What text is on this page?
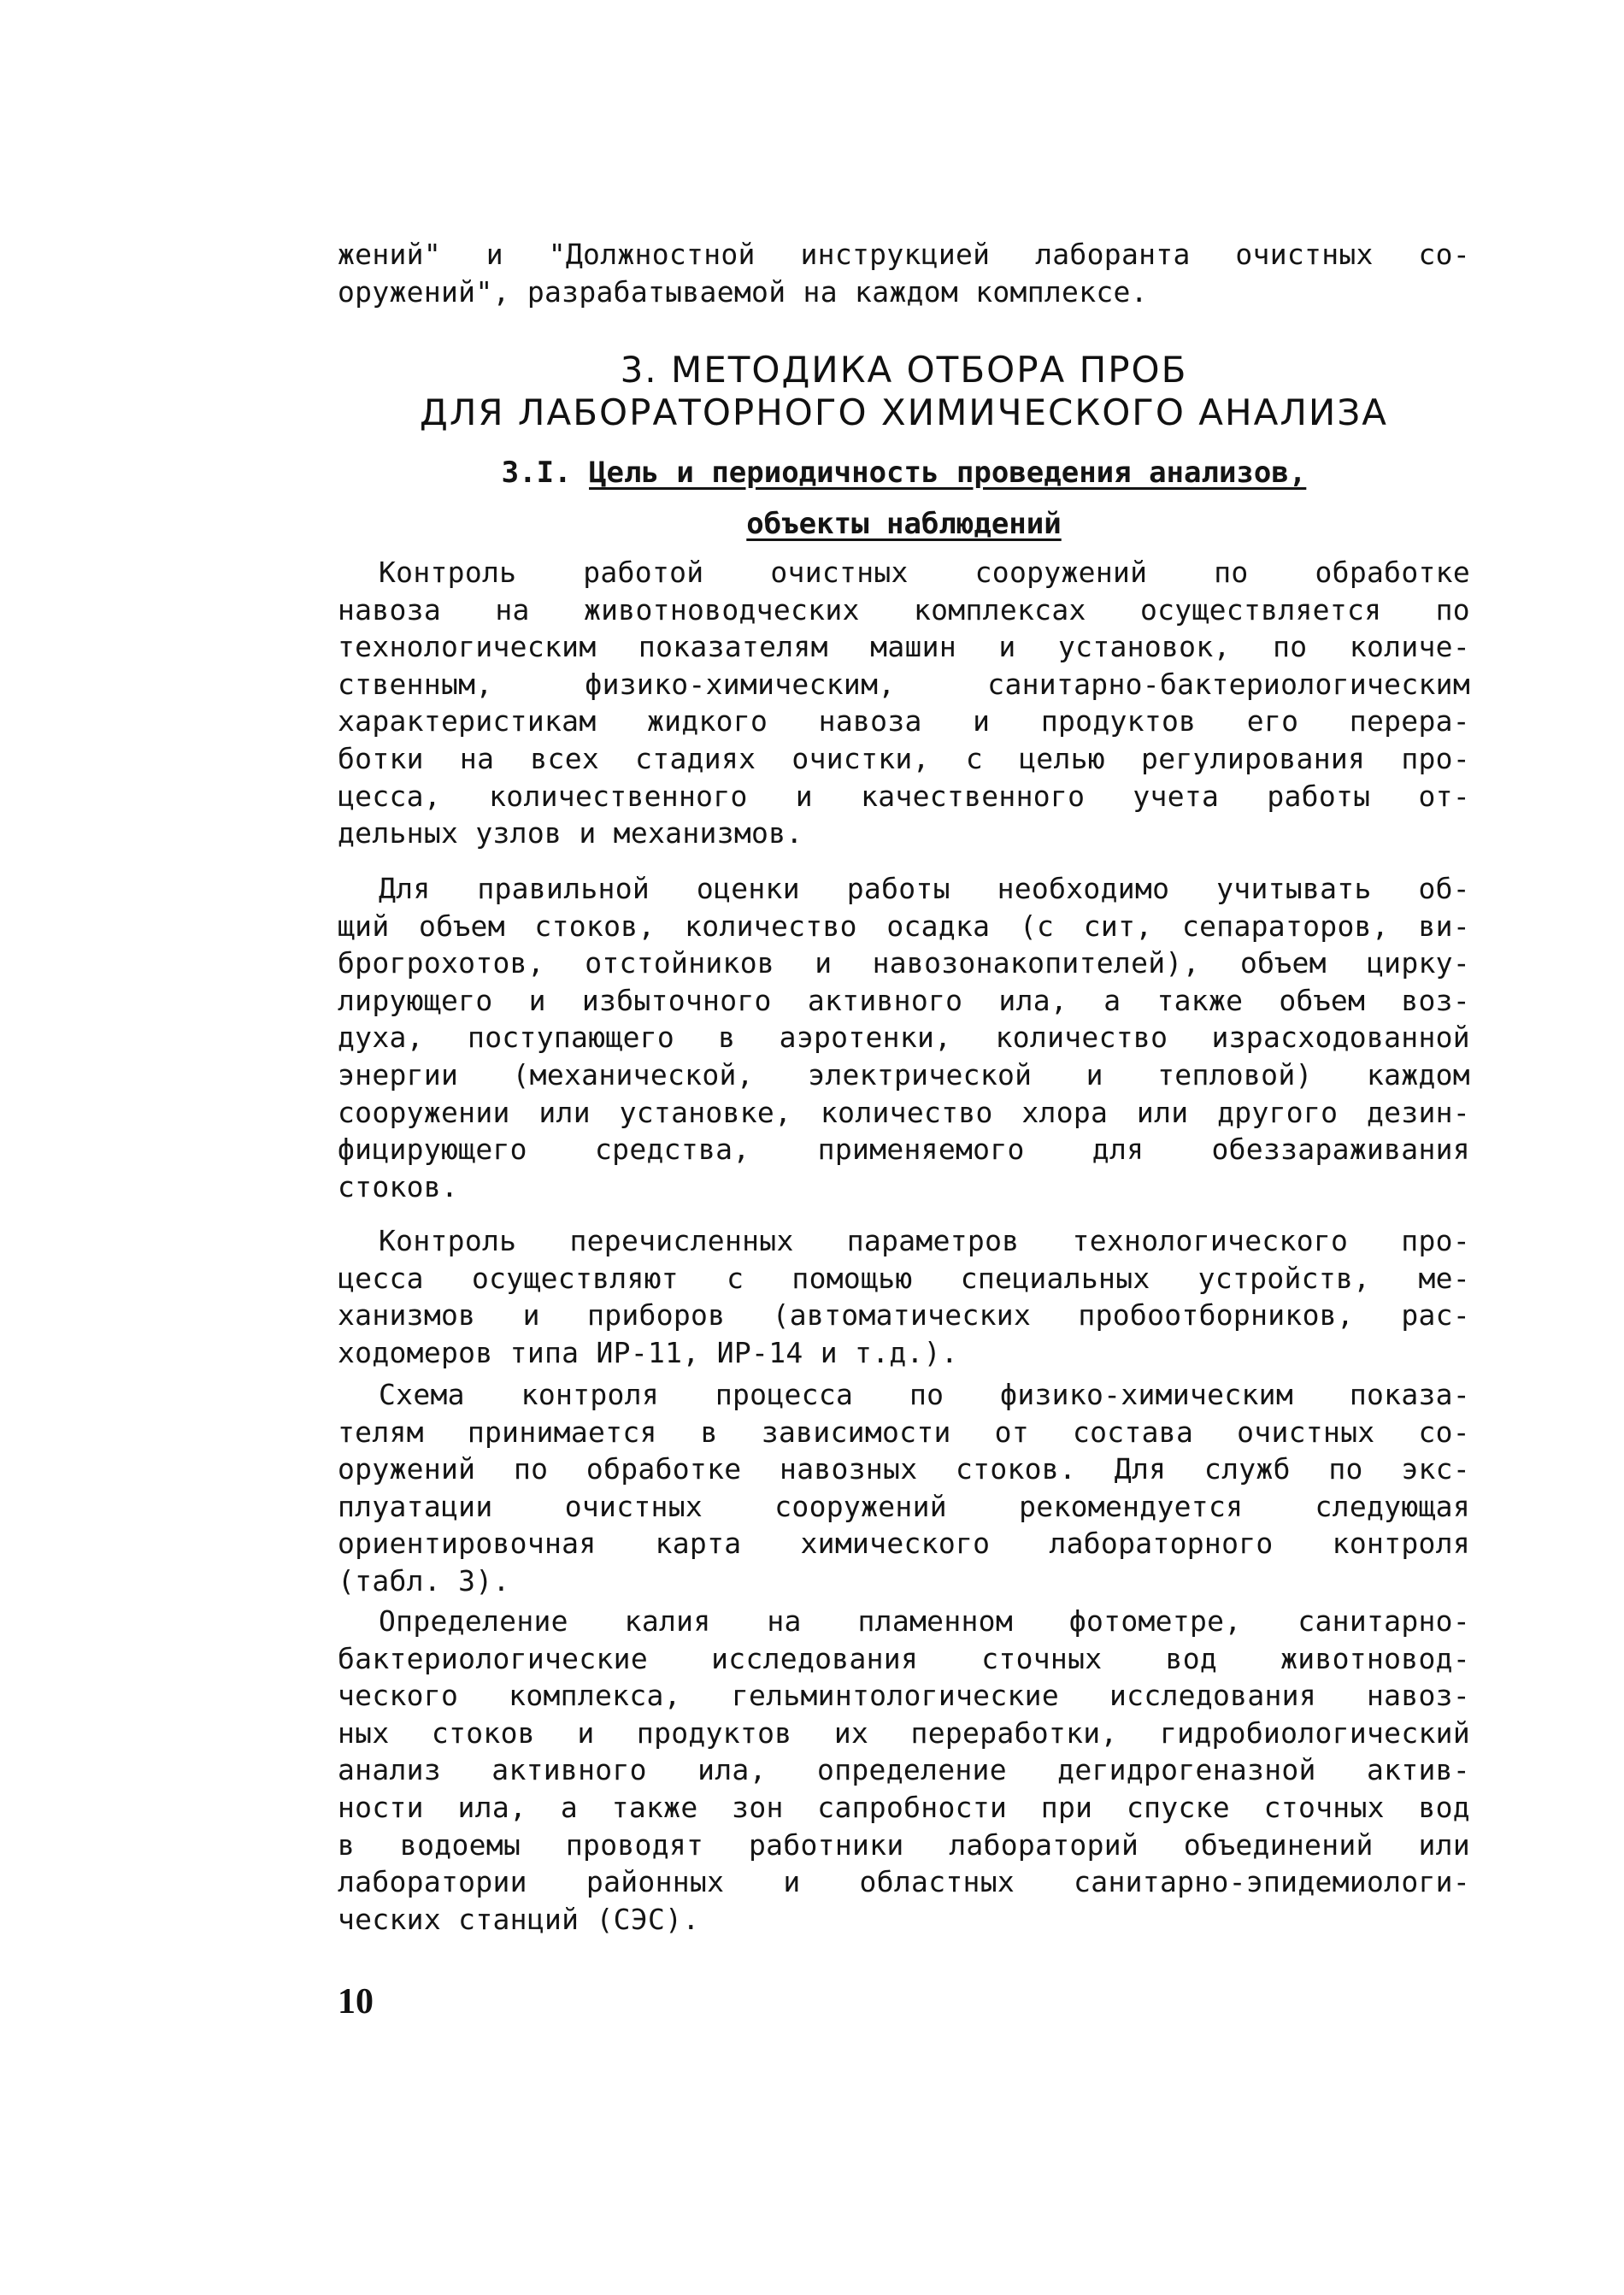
жений" и "Должностной инструкцией лаборанта очистных со-
оружений", разрабатываемой на каждом комплексе.
3. МЕТОДИКА ОТБОРА ПРОБ
ДЛЯ ЛАБОРАТОРНОГО ХИМИЧЕСКОГО АНАЛИЗА
3.I. Цель и периодичность проведения анализов,
объекты наблюдений
Контроль работой очистных сооружений по обработке
навоза на животноводческих комплексах осуществляется по
технологическим показателям машин и установок, по количе-
ственным, физико-химическим, санитарно-бактериологическим
характеристикам жидкого навоза и продуктов его перера-
ботки на всех стадиях очистки, с целью регулирования про-
цесса, количественного и качественного учета работы от-
дельных узлов и механизмов.
Для правильной оценки работы необходимо учитывать об-
щий объем стоков, количество осадка (с сит, сепараторов, ви-
брогрохотов, отстойников и навозонакопителей), объем цирку-
лирующего и избыточного активного ила, а также объем воз-
духа, поступающего в аэротенки, количество израсходованной
энергии (механической, электрической и тепловой) каждом
сооружении или установке, количество хлора или другого дезин-
фицирующего средства, применяемого для обеззараживания
стоков.
Контроль перечисленных параметров технологического про-
цесса осуществляют с помощью специальных устройств, ме-
ханизмов и приборов (автоматических пробоотборников, рас-
ходомеров типа ИР-11, ИР-14 и т.д.).
Схема контроля процесса по физико-химическим показа-
телям принимается в зависимости от состава очистных со-
оружений по обработке навозных стоков. Для служб по экс-
плуатации очистных сооружений рекомендуется следующая
ориентировочная карта химического лабораторного контроля
(табл. 3).
Определение калия на пламенном фотометре, санитарно-
бактериологические исследования сточных вод животновод-
ческого комплекса, гельминтологические исследования навоз-
ных стоков и продуктов их переработки, гидробиологический
анализ активного ила, определение дегидрогеназной актив-
ности ила, а также зон сапробности при спуске сточных вод
в водоемы проводят работники лабораторий объединений или
лаборатории районных и областных санитарно-эпидемиологи-
ческих станций (СЭС).
10
